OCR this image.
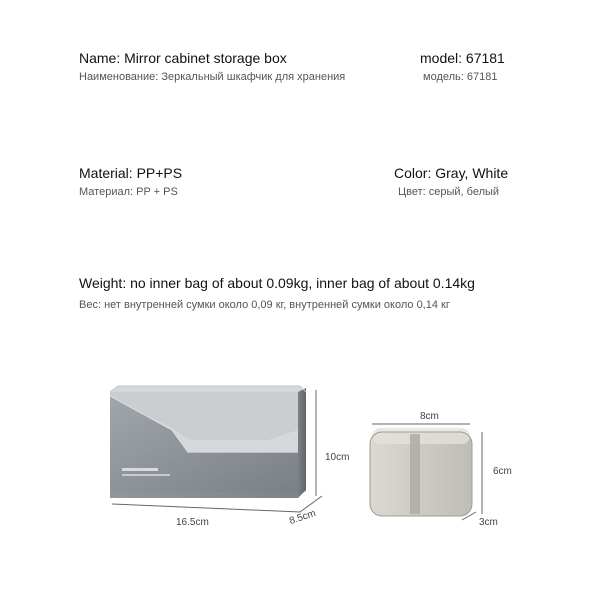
Name: Mirror cabinet storage box
Наименование: Зеркальный шкафчик для хранения
model: 67181
модель: 67181
Material: PP+PS
Материал: PP + PS
Color: Gray, White
Цвет: серый, белый
Weight: no inner bag of about 0.09kg, inner bag of about 0.14kg
Вес: нет внутренней сумки около 0,09 кг, внутренней сумки около 0,14 кг
10cm
16.5cm	8.5cm
8cm
6cm
3cm
